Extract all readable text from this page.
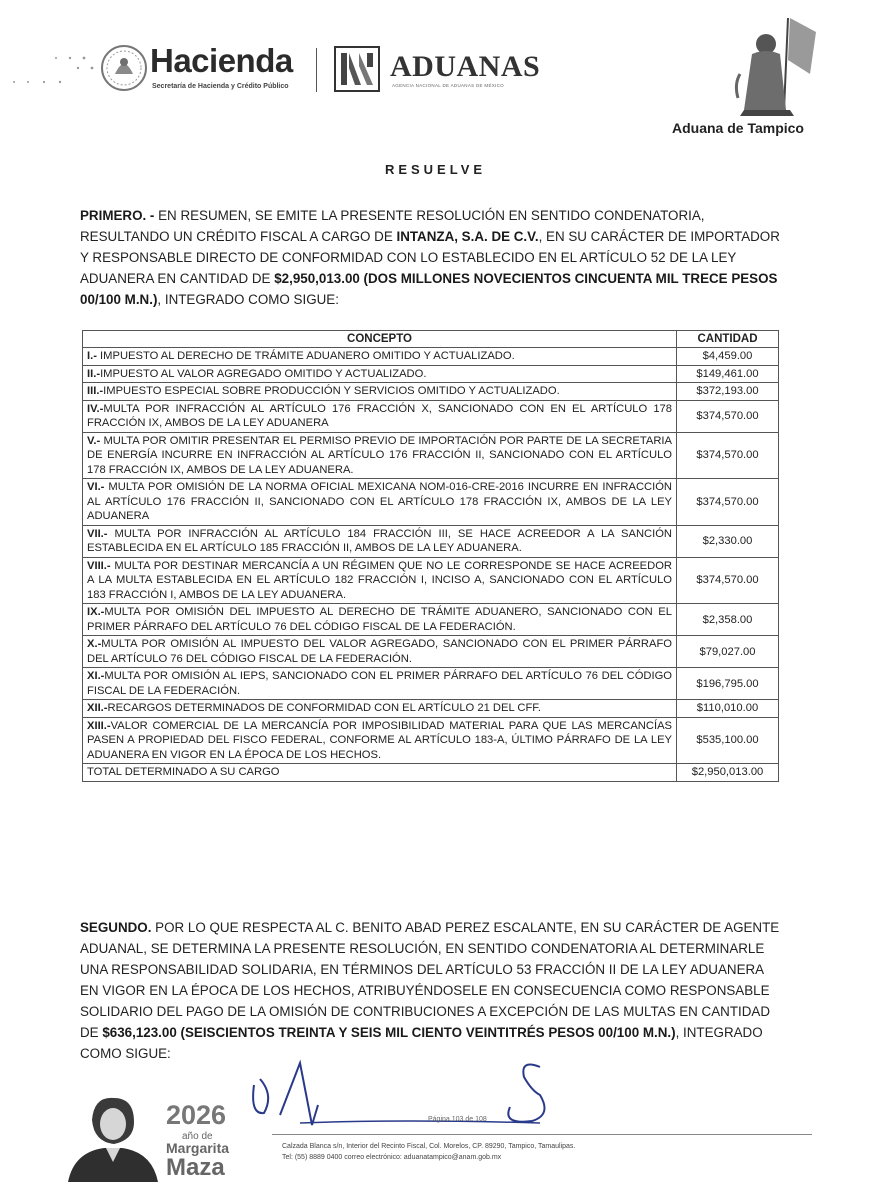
Hacienda
Secretaría de Hacienda y Crédito Público
ADUANAS
AGENCIA NACIONAL DE ADUANAS DE MÉXICO
Aduana de Tampico
RESUELVE

PRIMERO. - EN RESUMEN, SE EMITE LA PRESENTE RESOLUCIÓN EN SENTIDO CONDENATORIA, RESULTANDO UN CRÉDITO FISCAL A CARGO DE INTANZA, S.A. DE C.V., EN SU CARÁCTER DE IMPORTADOR Y RESPONSABLE DIRECTO DE CONFORMIDAD CON LO ESTABLECIDO EN EL ARTÍCULO 52 DE LA LEY ADUANERA EN CANTIDAD DE $2,950,013.00 (DOS MILLONES NOVECIENTOS CINCUENTA MIL TRECE PESOS 00/100 M.N.), INTEGRADO COMO SIGUE:

CONCEPTO	CANTIDAD
I.- IMPUESTO AL DERECHO DE TRÁMITE ADUANERO OMITIDO Y ACTUALIZADO.	$4,459.00
II.-IMPUESTO AL VALOR AGREGADO OMITIDO Y ACTUALIZADO.	$149,461.00
III.-IMPUESTO ESPECIAL SOBRE PRODUCCIÓN Y SERVICIOS OMITIDO Y ACTUALIZADO.	$372,193.00
IV.-MULTA POR INFRACCIÓN AL ARTÍCULO 176 FRACCIÓN X, SANCIONADO CON EN EL ARTÍCULO 178 FRACCIÓN IX, AMBOS DE LA LEY ADUANERA	$374,570.00
V.- MULTA POR OMITIR PRESENTAR EL PERMISO PREVIO DE IMPORTACIÓN POR PARTE DE LA SECRETARIA DE ENERGÍA INCURRE EN INFRACCIÓN AL ARTÍCULO 176 FRACCIÓN II, SANCIONADO CON EL ARTÍCULO 178 FRACCIÓN IX, AMBOS DE LA LEY ADUANERA.	$374,570.00
VI.- MULTA POR OMISIÓN DE LA NORMA OFICIAL MEXICANA NOM-016-CRE-2016 INCURRE EN INFRACCIÓN AL ARTÍCULO 176 FRACCIÓN II, SANCIONADO CON EL ARTÍCULO 178 FRACCIÓN IX, AMBOS DE LA LEY ADUANERA	$374,570.00
VII.- MULTA POR INFRACCIÓN AL ARTÍCULO 184 FRACCIÓN III, SE HACE ACREEDOR A LA SANCIÓN ESTABLECIDA EN EL ARTÍCULO 185 FRACCIÓN II, AMBOS DE LA LEY ADUANERA.	$2,330.00
VIII.- MULTA POR DESTINAR MERCANCÍA A UN RÉGIMEN QUE NO LE CORRESPONDE SE HACE ACREEDOR A LA MULTA ESTABLECIDA EN EL ARTÍCULO 182 FRACCIÓN I, INCISO A, SANCIONADO CON EL ARTÍCULO 183 FRACCIÓN I, AMBOS DE LA LEY ADUANERA.	$374,570.00
IX.-MULTA POR OMISIÓN DEL IMPUESTO AL DERECHO DE TRÁMITE ADUANERO, SANCIONADO CON EL PRIMER PÁRRAFO DEL ARTÍCULO 76 DEL CÓDIGO FISCAL DE LA FEDERACIÓN.	$2,358.00
X.-MULTA POR OMISIÓN AL IMPUESTO DEL VALOR AGREGADO, SANCIONADO CON EL PRIMER PÁRRAFO DEL ARTÍCULO 76 DEL CÓDIGO FISCAL DE LA FEDERACIÓN.	$79,027.00
XI.-MULTA POR OMISIÓN AL IEPS, SANCIONADO CON EL PRIMER PÁRRAFO DEL ARTÍCULO 76 DEL CÓDIGO FISCAL DE LA FEDERACIÓN.	$196,795.00
XII.-RECARGOS DETERMINADOS DE CONFORMIDAD CON EL ARTÍCULO 21 DEL CFF.	$110,010.00
XIII.-VALOR COMERCIAL DE LA MERCANCÍA POR IMPOSIBILIDAD MATERIAL PARA QUE LAS MERCANCÍAS PASEN A PROPIEDAD DEL FISCO FEDERAL, CONFORME AL ARTÍCULO 183-A, ÚLTIMO PÁRRAFO DE LA LEY ADUANERA EN VIGOR EN LA ÉPOCA DE LOS HECHOS.	$535,100.00
TOTAL DETERMINADO A SU CARGO	$2,950,013.00

SEGUNDO. POR LO QUE RESPECTA AL C. BENITO ABAD PEREZ ESCALANTE, EN SU CARÁCTER DE AGENTE ADUANAL, SE DETERMINA LA PRESENTE RESOLUCIÓN, EN SENTIDO CONDENATORIA AL DETERMINARLE UNA RESPONSABILIDAD SOLIDARIA, EN TÉRMINOS DEL ARTÍCULO 53 FRACCIÓN II DE LA LEY ADUANERA EN VIGOR EN LA ÉPOCA DE LOS HECHOS, ATRIBUYÉNDOSELE EN CONSECUENCIA COMO RESPONSABLE SOLIDARIO DEL PAGO DE LA OMISIÓN DE CONTRIBUCIONES A EXCEPCIÓN DE LAS MULTAS EN CANTIDAD DE $636,123.00 (SEISCIENTOS TREINTA Y SEIS MIL CIENTO VEINTITRÉS PESOS 00/100 M.N.), INTEGRADO COMO SIGUE:

Página 103 de 108
Calzada Blanca s/n, Interior del Recinto Fiscal, Col. Morelos, CP. 89290, Tampico, Tamaulipas.
Tel: (55) 8889 0400 correo electrónico: aduanatampico@anam.gob.mx
2026
año de
Margarita
Maza
